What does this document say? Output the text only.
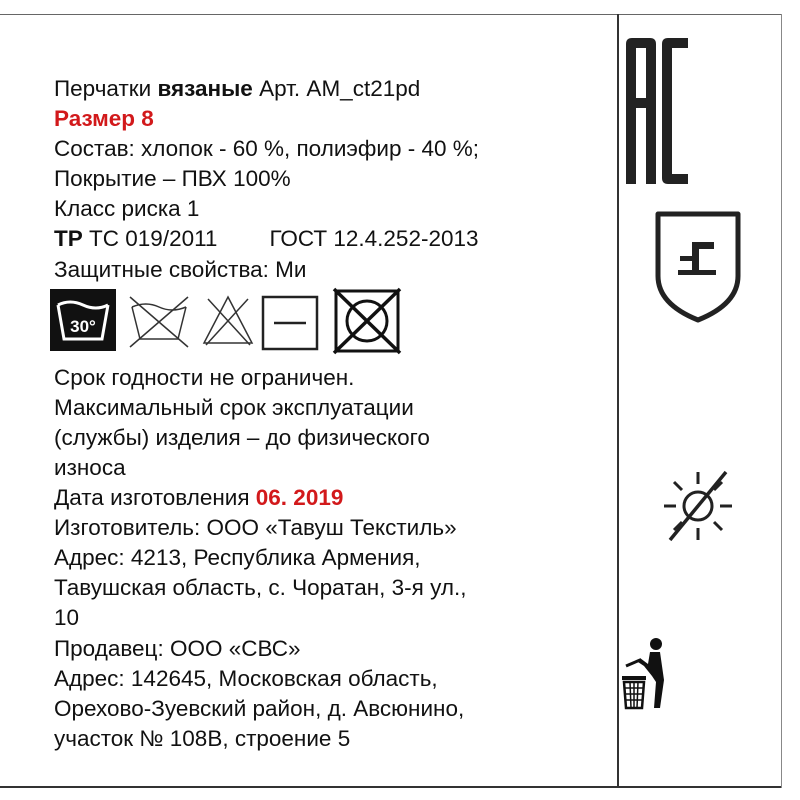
Перчатки вязаные Арт. AM_ct21pd
Размер 8
Состав: хлопок - 60 %, полиэфир - 40 %;
Покрытие – ПВХ 100%
Класс риска 1
ТР ТС 019/2011 ГОСТ 12.4.252-2013
Защитные свойства: Ми
30°
Срок годности не ограничен.
Максимальный срок эксплуатации
(службы) изделия – до физического
износа
Дата изготовления 06. 2019
Изготовитель: ООО «Тавуш Текстиль»
Адрес: 4213, Республика Армения,
Тавушская область, с. Чоратан, 3-я ул.,
10
Продавец: ООО «СВС»
Адрес: 142645, Московская область,
Орехово-Зуевский район, д. Авсюнино,
участок № 108В, строение 5
